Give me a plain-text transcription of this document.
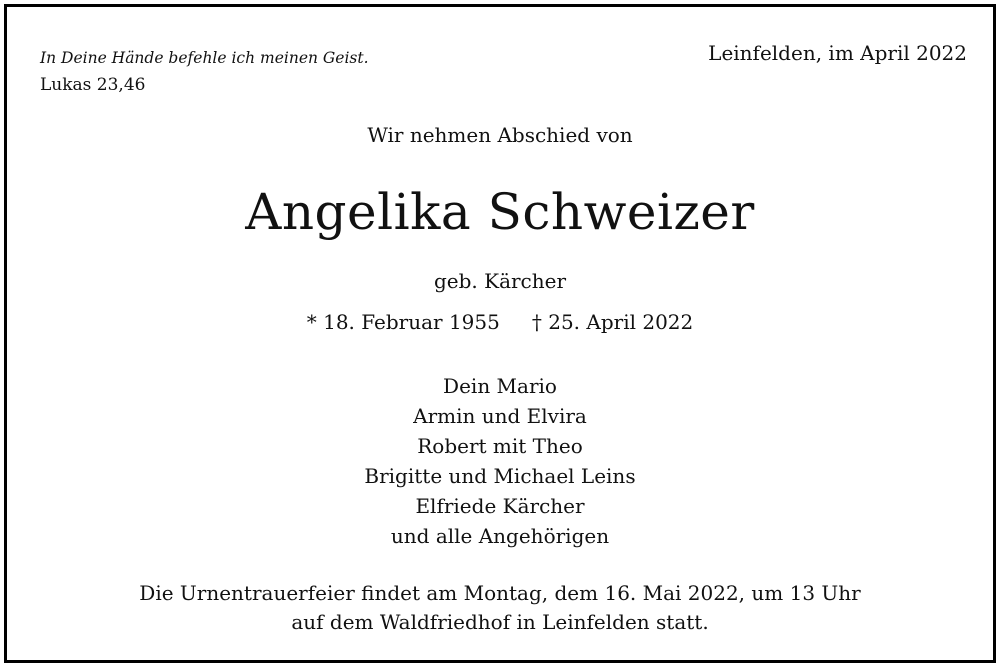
In Deine Hände befehle ich meinen Geist.
Lukas 23,46
Leinfelden, im April 2022
Wir nehmen Abschied von
Angelika Schweizer
geb. Kärcher
* 18. Februar 1955 † 25. April 2022
Dein Mario
Armin und Elvira
Robert mit Theo
Brigitte und Michael Leins
Elfriede Kärcher
und alle Angehörigen
Die Urnentrauerfeier findet am Montag, dem 16. Mai 2022, um 13 Uhr
auf dem Waldfriedhof in Leinfelden statt.
